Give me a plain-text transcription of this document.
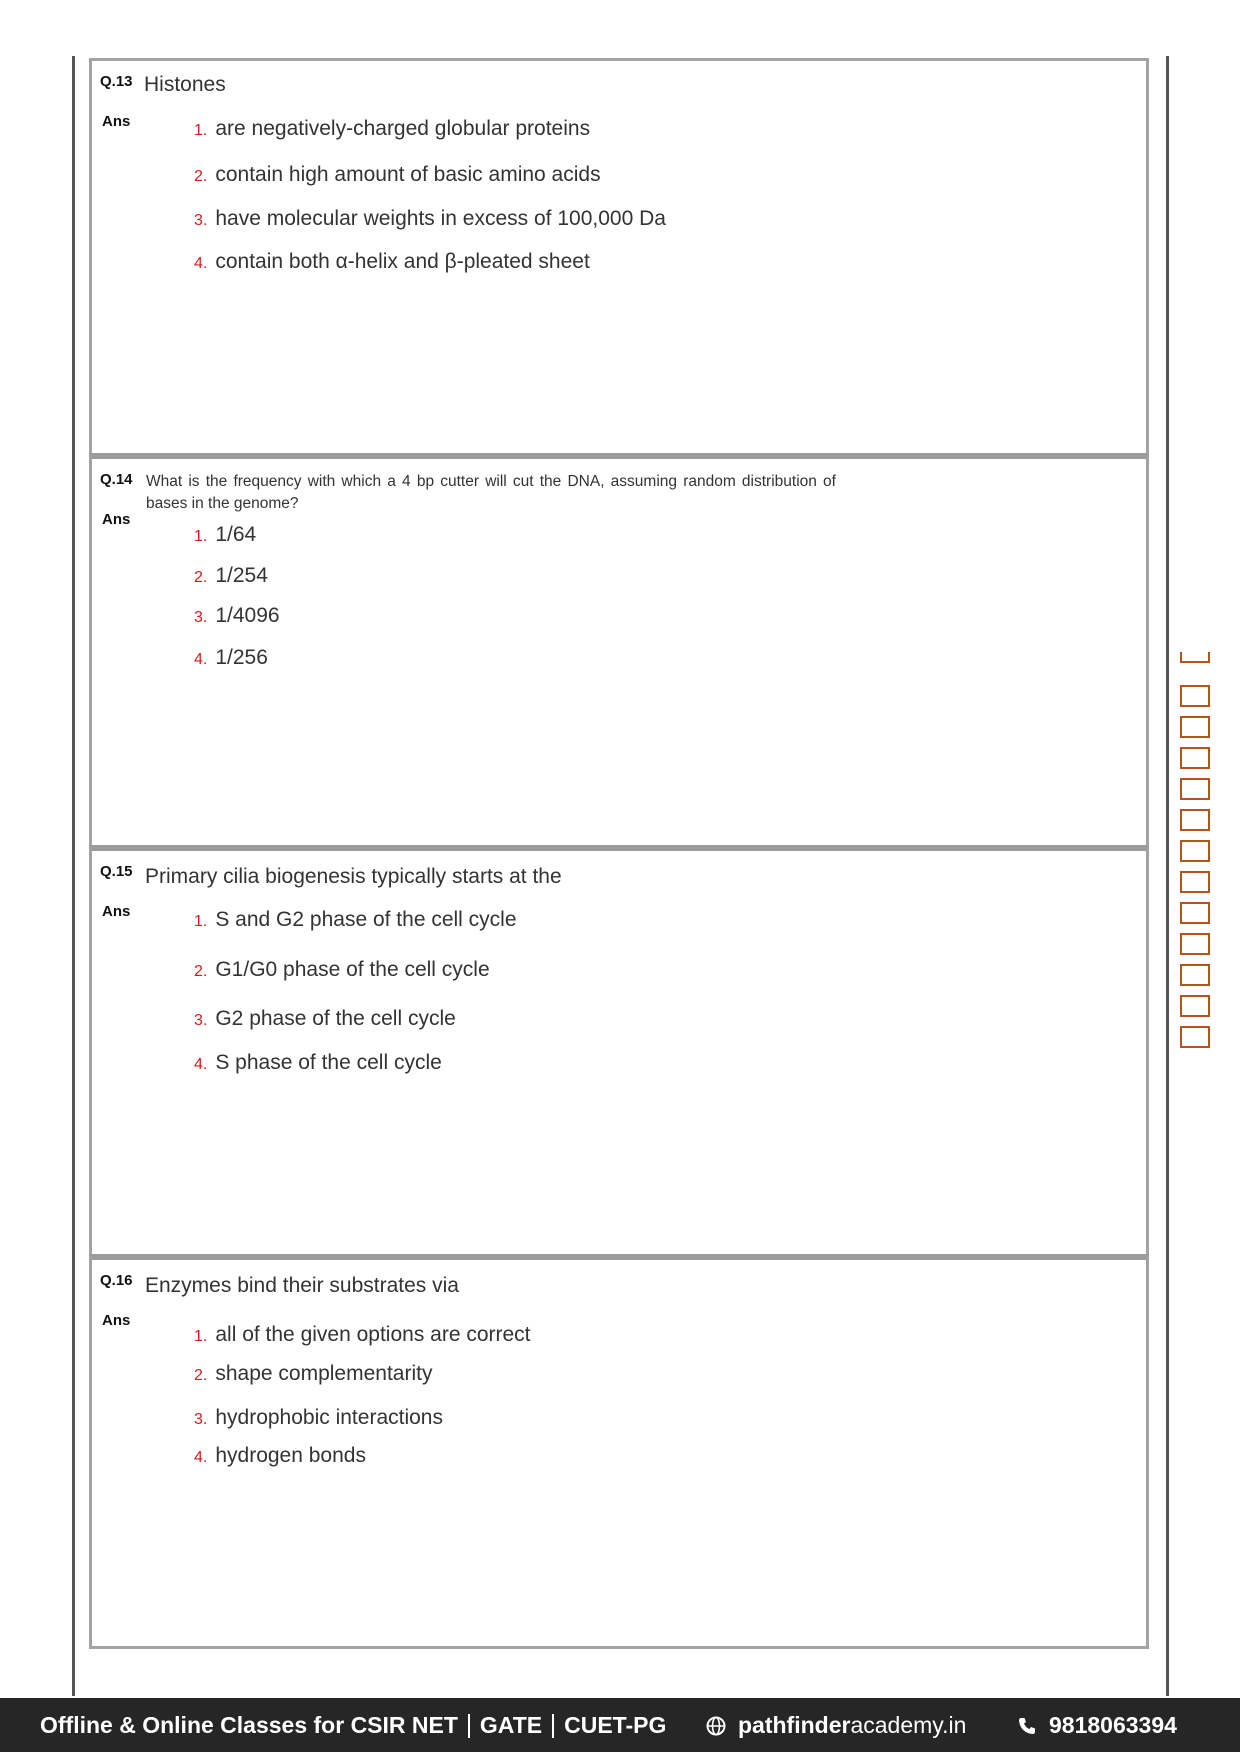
Q.13 Histones
Ans
1. are negatively-charged globular proteins
2. contain high amount of basic amino acids
3. have molecular weights in excess of 100,000 Da
4. contain both α-helix and β-pleated sheet
Q.14 What is the frequency with which a 4 bp cutter will cut the DNA, assuming random distribution of bases in the genome?
Ans
1. 1/64
2. 1/254
3. 1/4096
4. 1/256
Q.15 Primary cilia biogenesis typically starts at the
Ans
1. S and G2 phase of the cell cycle
2. G1/G0 phase of the cell cycle
3. G2 phase of the cell cycle
4. S phase of the cell cycle
Q.16 Enzymes bind their substrates via
Ans
1. all of the given options are correct
2. shape complementarity
3. hydrophobic interactions
4. hydrogen bonds
Offline & Online Classes for CSIR NET GATE CUET-PG	pathfinderacademy.in	9818063394
